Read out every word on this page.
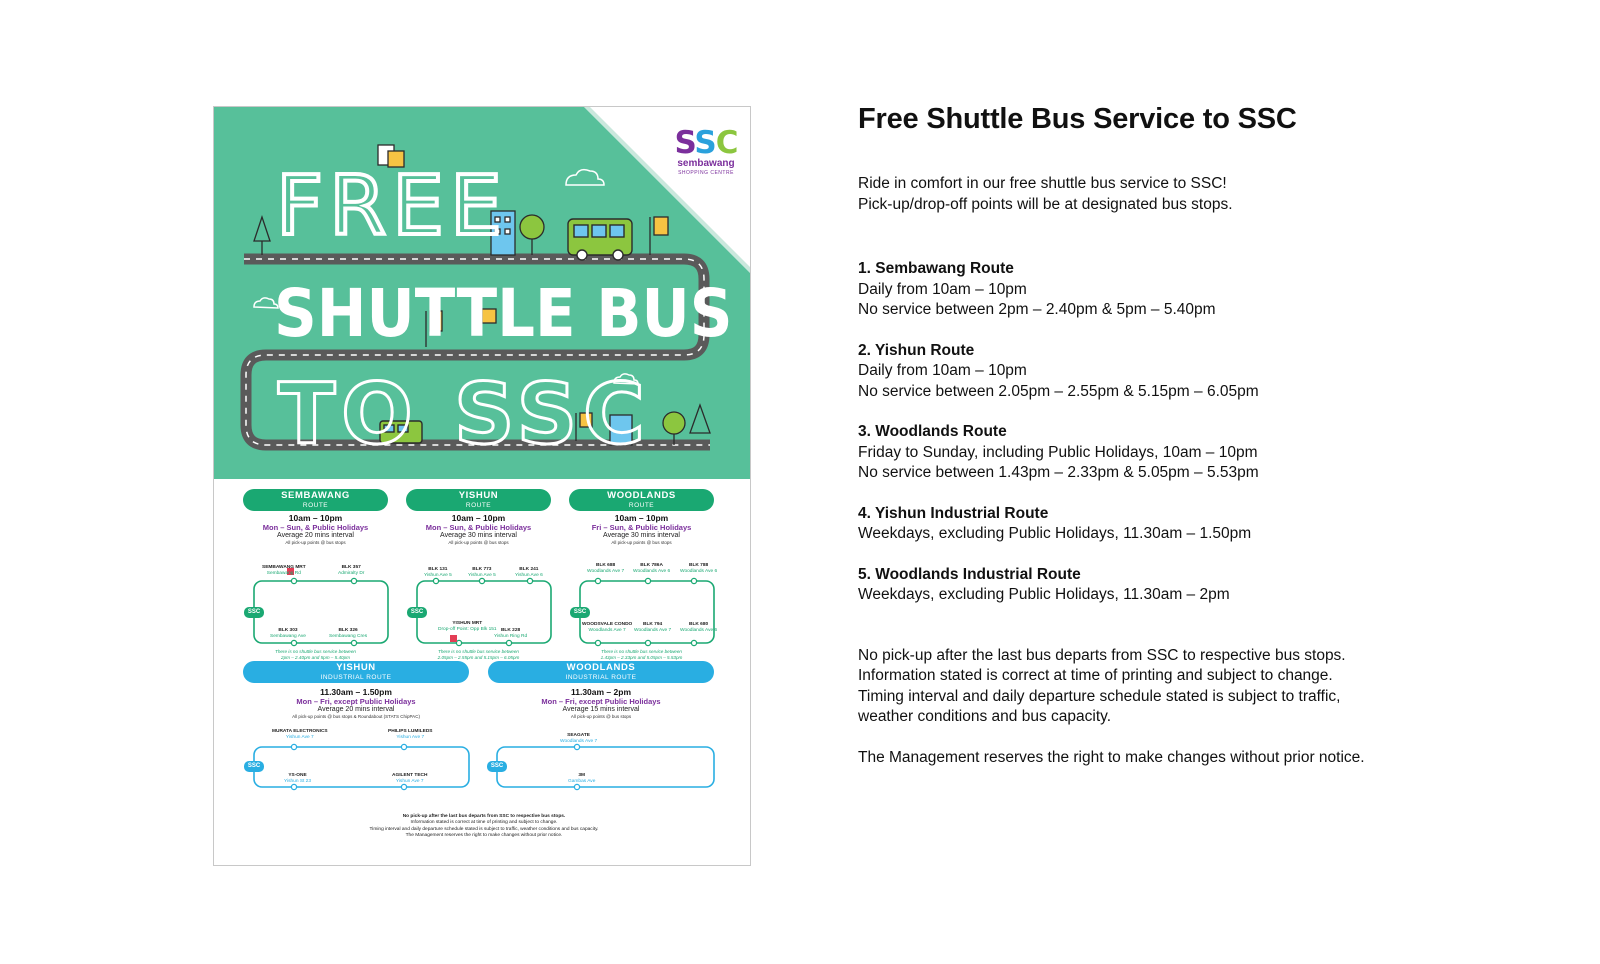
SSC
sembawang
SHOPPING CENTRE
FREE
SHUTTLE BUS
TO SSC
SEMBAWANG
ROUTE
10am – 10pm
Mon – Sun, & Public Holidays
Average 20 mins interval
All pick-up points @ bus stops
YISHUN
ROUTE
10am – 10pm
Mon – Sun, & Public Holidays
Average 30 mins interval
All pick-up points @ bus stops
WOODLANDS
ROUTE
10am – 10pm
Fri – Sun, & Public Holidays
Average 30 mins interval
All pick-up points @ bus stops
SSC	SSC	SSC
SSC	SSC
SEMBAWANG MRT
Sembawang Rd
BLK 357
Admiralty Dr
BLK 303
Sembawang Ave
BLK 326
Sembawang Cres
There is no shuttle bus service between
2pm – 2.40pm and 5pm – 5.40pm
BLK 131
Yishun Ave 5
BLK 773
Yishun Ave 5
BLK 241
Yishun Ave 6
YISHUN MRT
Drop-off Point: Opp Blk 151 BLK 228
Yishun Ring Rd
There is no shuttle bus service between
2.05pm – 2.55pm and 5.15pm – 6.05pm
BLK 688
Woodlands Ave 7
BLK 786A
Woodlands Ave 6
BLK 788
Woodlands Ave 6
WOODSVALE CONDO
Woodlands Ave 7
BLK 794
Woodlands Ave 7
BLK 680
Woodlands Ave 6
There is no shuttle bus service between
1.43pm – 2.33pm and 5.05pm – 5.53pm
YISHUN
INDUSTRIAL ROUTE
11.30am – 1.50pm
Mon – Fri, except Public Holidays
Average 20 mins interval
All pick-up points @ bus stops & Roundabout (STATS ChipPAC)
MURATA ELECTRONICS
Yishun Ave 7
PHILIPS LUMILEDS
Yishun Ave 7
YS-ONE
Yishun St 23
AGILENT TECH
Yishun Ave 7
WOODLANDS
INDUSTRIAL ROUTE
11.30am – 2pm
Mon – Fri, except Public Holidays
Average 15 mins interval
All pick-up points @ bus stops
SEAGATE
Woodlands Ave 7
3M
Gambas Ave
No pick-up after the last bus departs from SSC to respective bus stops.
Information stated is correct at time of printing and subject to change.
Timing interval and daily departure schedule stated is subject to traffic, weather conditions and bus capacity.
The Management reserves the right to make changes without prior notice.
Free Shuttle Bus Service to SSC

Ride in comfort in our free shuttle bus service to SSC!

Pick-up/drop-off points will be at designated bus stops.

1. Sembawang Route

Daily from 10am – 10pm

No service between 2pm – 2.40pm & 5pm – 5.40pm

2. Yishun Route

Daily from 10am – 10pm

No service between 2.05pm – 2.55pm & 5.15pm – 6.05pm

3. Woodlands Route

Friday to Sunday, including Public Holidays, 10am – 10pm

No service between 1.43pm – 2.33pm & 5.05pm – 5.53pm

4. Yishun Industrial Route

Weekdays, excluding Public Holidays, 11.30am – 1.50pm

5. Woodlands Industrial Route

Weekdays, excluding Public Holidays, 11.30am – 2pm

No pick-up after the last bus departs from SSC to respective bus stops.

Information stated is correct at time of printing and subject to change.

Timing interval and daily departure schedule stated is subject to traffic,

weather conditions and bus capacity.

The Management reserves the right to make changes without prior notice.
